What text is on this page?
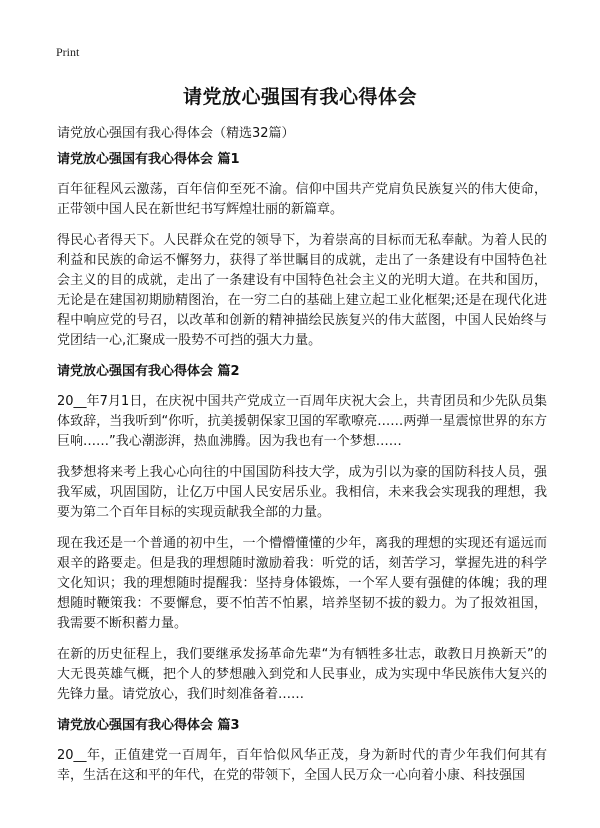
Print
请党放心强国有我心得体会
请党放心强国有我心得体会（精选32篇）
请党放心强国有我心得体会 篇1

百年征程风云激荡，百年信仰至死不渝。信仰中国共产党肩负民族复兴的伟大使命，正带领中国人民在新世纪书写辉煌壮丽的新篇章。

得民心者得天下。人民群众在党的领导下，为着崇高的目标而无私奉献。为着人民的利益和民族的命运不懈努力，获得了举世瞩目的成就，走出了一条建设有中国特色社会主义的目的成就，走出了一条建设有中国特色社会主义的光明大道。在共和国历，无论是在建国初期励精图治，在一穷二白的基础上建立起工业化框架;还是在现代化进程中响应党的号召，以改革和创新的精神描绘民族复兴的伟大蓝图，中国人民始终与党团结一心,汇聚成一股势不可挡的强大力量。

请党放心强国有我心得体会 篇2

20__年7月1日，在庆祝中国共产党成立一百周年庆祝大会上，共青团员和少先队员集体致辞，当我听到“你听，抗美援朝保家卫国的军歌嘹亮……两弹一星震惊世界的东方巨响……”我心潮澎湃，热血沸腾。因为我也有一个梦想……

我梦想将来考上我心心向往的中国国防科技大学，成为引以为豪的国防科技人员，强我军威，巩固国防，让亿万中国人民安居乐业。我相信，未来我会实现我的理想，我要为第二个百年目标的实现贡献我全部的力量。

现在我还是一个普通的初中生，一个懵懵懂懂的少年，离我的理想的实现还有遥远而艰辛的路要走。但是我的理想随时激励着我：听党的话，刻苦学习，掌握先进的科学文化知识；我的理想随时提醒我：坚持身体锻炼，一个军人要有强健的体魄；我的理想随时鞭策我：不要懈怠，要不怕苦不怕累，培养坚韧不拔的毅力。为了报效祖国，我需要不断积蓄力量。

在新的历史征程上，我们要继承发扬革命先辈“为有牺牲多壮志，敢教日月换新天”的大无畏英雄气概，把个人的梦想融入到党和人民事业，成为实现中华民族伟大复兴的先锋力量。请党放心，我们时刻准备着……

请党放心强国有我心得体会 篇3

20__年，正值建党一百周年，百年恰似风华正茂，身为新时代的青少年我们何其有幸，生活在这和平的年代，在党的带领下，全国人民万众一心向着小康、科技强国
